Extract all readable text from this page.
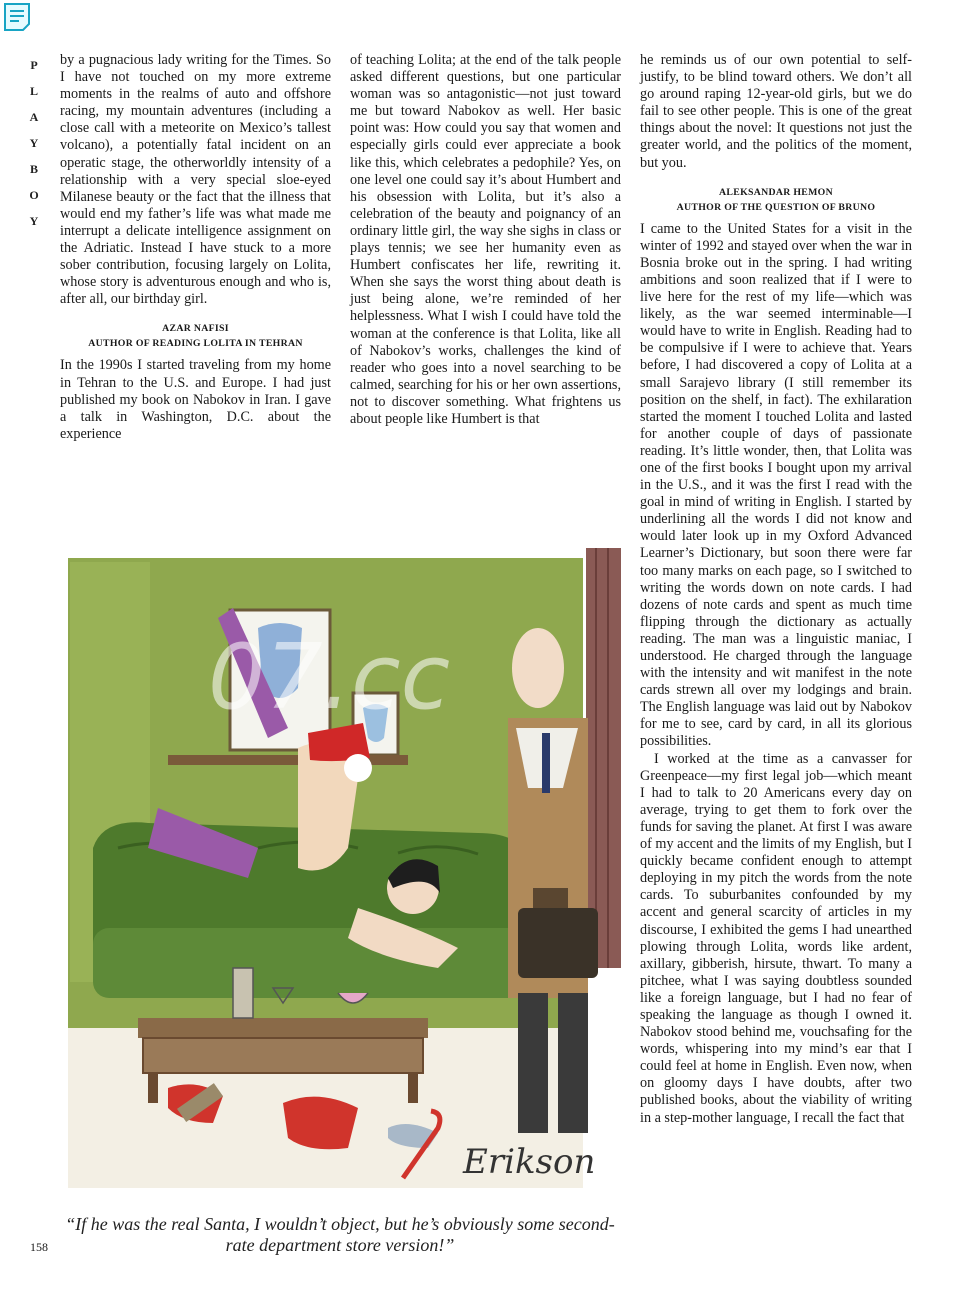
P
L
A
Y
B
O
Y

by a pugnacious lady writing for the Times. So I have not touched on my more extreme moments in the realms of auto and offshore racing, my mountain adventures (including a close call with a meteorite on Mexico’s tallest volcano), a potentially fatal incident on an operatic stage, the otherworldly intensity of a relationship with a very special sloe-eyed Milanese beauty or the fact that the illness that would end my father’s life was what made me interrupt a delicate intelligence assignment on the Adriatic. Instead I have stuck to a more sober contribution, focusing largely on Lolita, whose story is adventurous enough and who is, after all, our birthday girl.

AZAR NAFISI
AUTHOR OF READING LOLITA IN TEHRAN

In the 1990s I started traveling from my home in Tehran to the U.S. and Europe. I had just published my book on Nabokov in Iran. I gave a talk in Washington, D.C. about the experience

of teaching Lolita; at the end of the talk people asked different questions, but one particular woman was so antagonistic—not just toward me but toward Nabokov as well. Her basic point was: How could you say that women and especially girls could ever appreciate a book like this, which celebrates a pedophile? Yes, on one level one could say it’s about Humbert and his obsession with Lolita, but it’s also a celebration of the beauty and poignancy of an ordinary little girl, the way she sighs in class or plays tennis; we see her humanity even as Humbert confiscates her life, rewriting it. When she says the worst thing about death is just being alone, we’re reminded of her helplessness. What I wish I could have told the woman at the conference is that Lolita, like all of Nabokov’s works, challenges the kind of reader who goes into a novel searching to be calmed, searching for his or her own assertions, not to discover something. What frightens us about people like Humbert is that

he reminds us of our own potential to self-justify, to be blind toward others. We don’t all go around raping 12-year-old girls, but we do fail to see other people. This is one of the great things about the novel: It questions not just the greater world, and the politics of the moment, but you.

ALEKSANDAR HEMON
AUTHOR OF THE QUESTION OF BRUNO

I came to the United States for a visit in the winter of 1992 and stayed over when the war in Bosnia broke out in the spring. I had writing ambitions and soon realized that if I were to live here for the rest of my life—which was likely, as the war seemed interminable—I would have to write in English. Reading had to be compulsive if I were to achieve that. Years before, I had discovered a copy of Lolita at a small Sarajevo library (I still remember its position on the shelf, in fact). The exhilaration started the moment I touched Lolita and lasted for another couple of days of passionate reading. It’s little wonder, then, that Lolita was one of the first books I bought upon my arrival in the U.S., and it was the first I read with the goal in mind of writing in English. I started by underlining all the words I did not know and would later look up in my Oxford Advanced Learner’s Dictionary, but soon there were far too many marks on each page, so I switched to writing the words down on note cards. I had dozens of note cards and spent as much time flipping through the dictionary as actually reading. The man was a linguistic maniac, I understood. He charged through the language with the intensity and wit manifest in the note cards strewn all over my lodgings and brain. The English language was laid out by Nabokov for me to see, card by card, in all its glorious possibilities.

I worked at the time as a canvasser for Greenpeace—my first legal job—which meant I had to talk to 20 Americans every day on average, trying to get them to fork over the funds for saving the planet. At first I was aware of my accent and the limits of my English, but I quickly became confident enough to attempt deploying in my pitch the words from the note cards. To suburbanites confounded by my accent and general scarcity of articles in my discourse, I exhibited the gems I had unearthed plowing through Lolita, words like ardent, axillary, gibberish, hirsute, thwart. To many a pitchee, what I was saying doubtless sounded like a foreign language, but I had no fear of speaking the language as though I owned it. Nabokov stood behind me, vouchsafing for the words, whispering into my mind’s ear that I could feel at home in English. Even now, when on gloomy days I have doubts, after two published books, about the viability of writing in a step-mother language, I recall the fact that

Erikson
07.cc
“If he was the real Santa, I wouldn’t object, but he’s obviously some second-rate department store version!”
158
